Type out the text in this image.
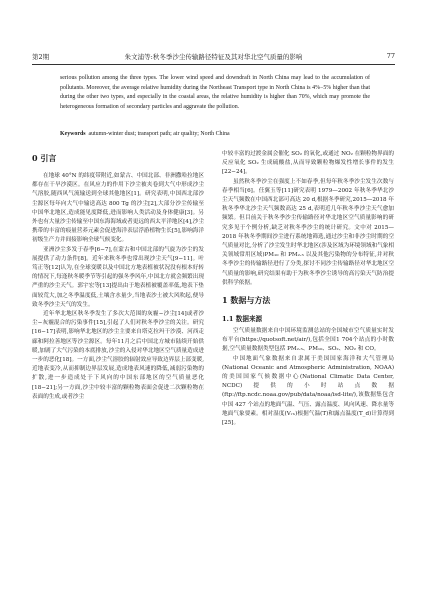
第2期	朱文浦等:秋冬季沙尘传输路径特征及其对华北空气质量的影响	77
serious pollution among the three types. The lower wind speed and downdraft in North China may lead to the accumulation of pollutants. Moreover, the average relative humidity during the Northeast Transport type in North China is 4%−5% higher than that during the other two types, and especially in the coastal areas, the relative humidity is higher than 70%, which may promote the heterogeneous formation of secondary particles and aggravate the pollution.
Keywords autumn-winter dust; transport path; air quality; North China
0 引言

在地球 40°N 的纬度带附近,如蒙古、中国北部、非洲撒哈拉地区都存在干旱沙漠区。在风应力的作用下沙尘被夹卷到大气中形成沙尘气溶胶,随西风气流输送到全球其他地区[1]。研究表明,中国西北部沙尘源区每年向大气中输送高达 800 Tg 的沙尘[2],大部分沙尘传输至中国华北地区,造成能见度降低,进而影响人类活动及身体健康[3]。另外也有大量沙尘传输至中国东海海域或者更远的西太平洋地区[4],沙尘携带的丰富的痕量营养元素会促进海洋表层浮游植物生长[5],影响海洋初级生产力并间接影响全球气候变化。

亚洲沙尘多发于春季[6−7],在蒙古和中国北部的气旋为沙尘的发展提供了动力条件[8]。近年来秋冬季也常出现沙尘天气[9−11]。叶笃正等[12]认为,在全球变暖以及中国北方地表植被状况没有根本好转的情况下,每逢秋冬暖季节等引起的强冬季风年,中国北方就会频繁出现严重的沙尘天气。郭宇宏等[13]提出由于地表植被覆盖率低,地表下垫面较荒大,加之冬季温度低,土壤含水量少,当地表沙土被大风吹起,便导致冬季沙尘天气的发生。

近年华北地区秋冬季发生了多次大范围的灰霾−沙尘[14]或者沙尘−灰霾混合的污染事件[15],引起了人们对秋冬季沙尘的关注。研究[16−17]表明,影响华北地区的沙尘主要来自塔克拉玛干沙漠、河西走廊和阿拉善地区等沙尘源区。每年11月之后中国北方城市陆续开始供暖,加剧了大气污染的本底排放,沙尘的入侵对华北地区空气质量造成进一步的恶化[18]。一方面,沙尘气溶胶的辐射效应导致边界层上部变暖,近地表变冷,从而抑制边界层发展,造成地表风速的降低,减弱污染物的扩散,进一步造成处于下风向的中国东部地区的空气质量恶化[18−21];另一方面,沙尘中较丰富的颗粒物表面会促进二次颗粒物在表面的生成,或者沙尘

中较丰富的过渡金属会催化 SO₂ 的氧化,或通过 NO₂ 在颗粒物界面的反应氧化 SO₂ 生成硫酸盐,从而导致颗粒物爆发性增长事件的发生[22−24]。

虽然秋冬季沙尘在强度上不如春季,但每年秋冬季沙尘发生次数与春季相当[6]。任翼玉等[11]研究表明 1979—2002 年秋冬季华北沙尘天气频数在中国西北部可高达 20 d,根据冬季研究,2015—2018 年秋冬季华北沙尘天气频数高达 25 d,表明近几年秋冬季沙尘天气愈加频繁。但目前关于秋冬季沙尘传输路径对华北地区空气质量影响的研究多见于个例分析,缺乏对秋冬季沙尘的统计研究。文中对 2015—2018 年秋冬季期间沙尘进行系统地筛选,通过沙尘和非沙尘时期的空气质量对比,分析了沙尘发生时华北地区(涉及区域为环境领域和气象相关领域常用区域)PM₁₀ 和 PM₂.₅ 以及其他污染物的分布特征,并对秋冬季沙尘的传输路径进行了分类,探讨不同沙尘传输路径对华北地区空气质量的影响,研究结果有助于为秋冬季沙尘诱导的高污染天气防治提供科学依据。

1 数据与方法
1.1 数据来源

空气质量数据来自中国环境监测总站的全国城市空气质量实时发布平台(https://quotsoft.net/air/),包括全国1 704个站点的小时数据,空气质量数据类型包括 PM₂.₅、PM₁₀、SO₂、NO₂ 和 CO。

中国地面气象数据来自隶属于美国国家海洋和大气管理局(National Oceanic and Atmospheric Administration, NOAA)的美国国家气候数据中心(National Climatic Data Center, NCDC)提供的小时站点数据(ftp://ftp.ncdc.noaa.gov/pub/data/noaa/isd-lite/),该数据集包含中国 427 个站点的地面气温、气压、露点温度、风向风速、降水量等地面气象要素。相对湿度(Vᵣₕ)根据气温(T)和露点温度(T_d)计算得到[25]。
